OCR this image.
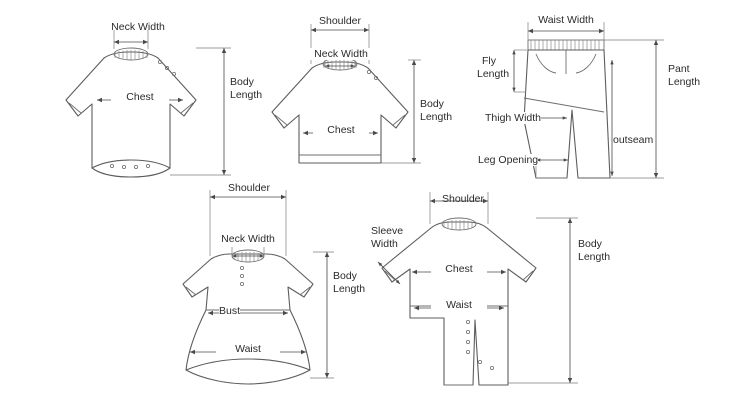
Neck Width
Chest
Body
Length
Shoulder
Neck Width
Chest
Body
Length
Waist Width
Fly
Length	Pant
Length
Thigh Width
Leg Opening
outseam
Shoulder
Neck Width
Bust
Waist
Body
Length
Shoulder
Sleeve
Width
Chest
Waist
Body
Length
